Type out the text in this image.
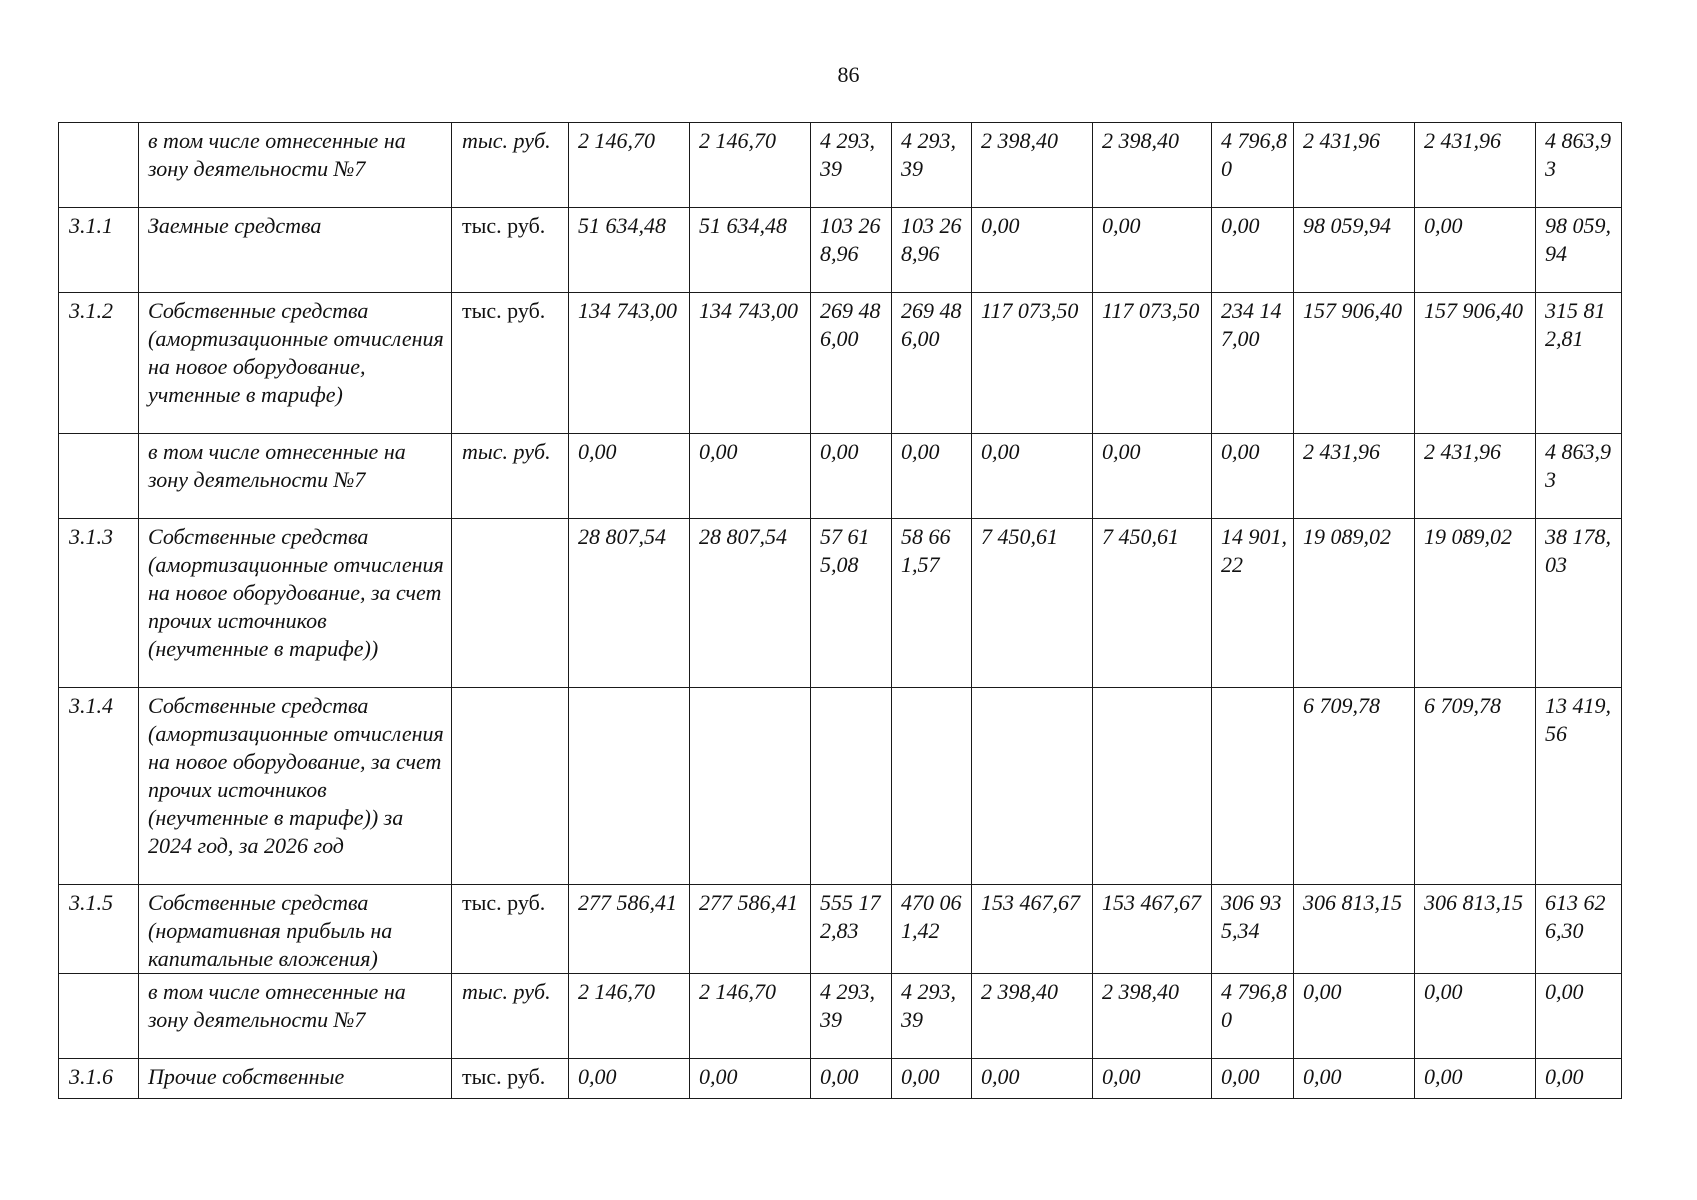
86
	в том числе отнесенные на зону деятельности №7	тыс. руб.	2 146,70	2 146,70	4 293,39	4 293,39	2 398,40	2 398,40	4 796,80	2 431,96	2 431,96	4 863,93
3.1.1	Заемные средства	тыс. руб.	51 634,48	51 634,48	103 268,96	103 268,96	0,00	0,00	0,00	98 059,94	0,00	98 059,94
3.1.2	Собственные средства (амортизационные отчисления на новое оборудование, учтенные в тарифе)	тыс. руб.	134 743,00	134 743,00	269 486,00	269 486,00	117 073,50	117 073,50	234 147,00	157 906,40	157 906,40	315 812,81
	в том числе отнесенные на зону деятельности №7	тыс. руб.	0,00	0,00	0,00	0,00	0,00	0,00	0,00	2 431,96	2 431,96	4 863,93
3.1.3	Собственные средства (амортизационные отчисления на новое оборудование, за счет прочих источников (неучтенные в тарифе))		28 807,54	28 807,54	57 615,08	58 661,57	7 450,61	7 450,61	14 901,22	19 089,02	19 089,02	38 178,03
3.1.4	Собственные средства (амортизационные отчисления на новое оборудование, за счет прочих источников (неучтенные в тарифе)) за 2024 год, за 2026 год									6 709,78	6 709,78	13 419,56
3.1.5	Собственные средства (нормативная прибыль на капитальные вложения)	тыс. руб.	277 586,41	277 586,41	555 172,83	470 061,42	153 467,67	153 467,67	306 935,34	306 813,15	306 813,15	613 626,30
	в том числе отнесенные на зону деятельности №7	тыс. руб.	2 146,70	2 146,70	4 293,39	4 293,39	2 398,40	2 398,40	4 796,80	0,00	0,00	0,00
3.1.6	Прочие собственные	тыс. руб.	0,00	0,00	0,00	0,00	0,00	0,00	0,00	0,00	0,00	0,00
